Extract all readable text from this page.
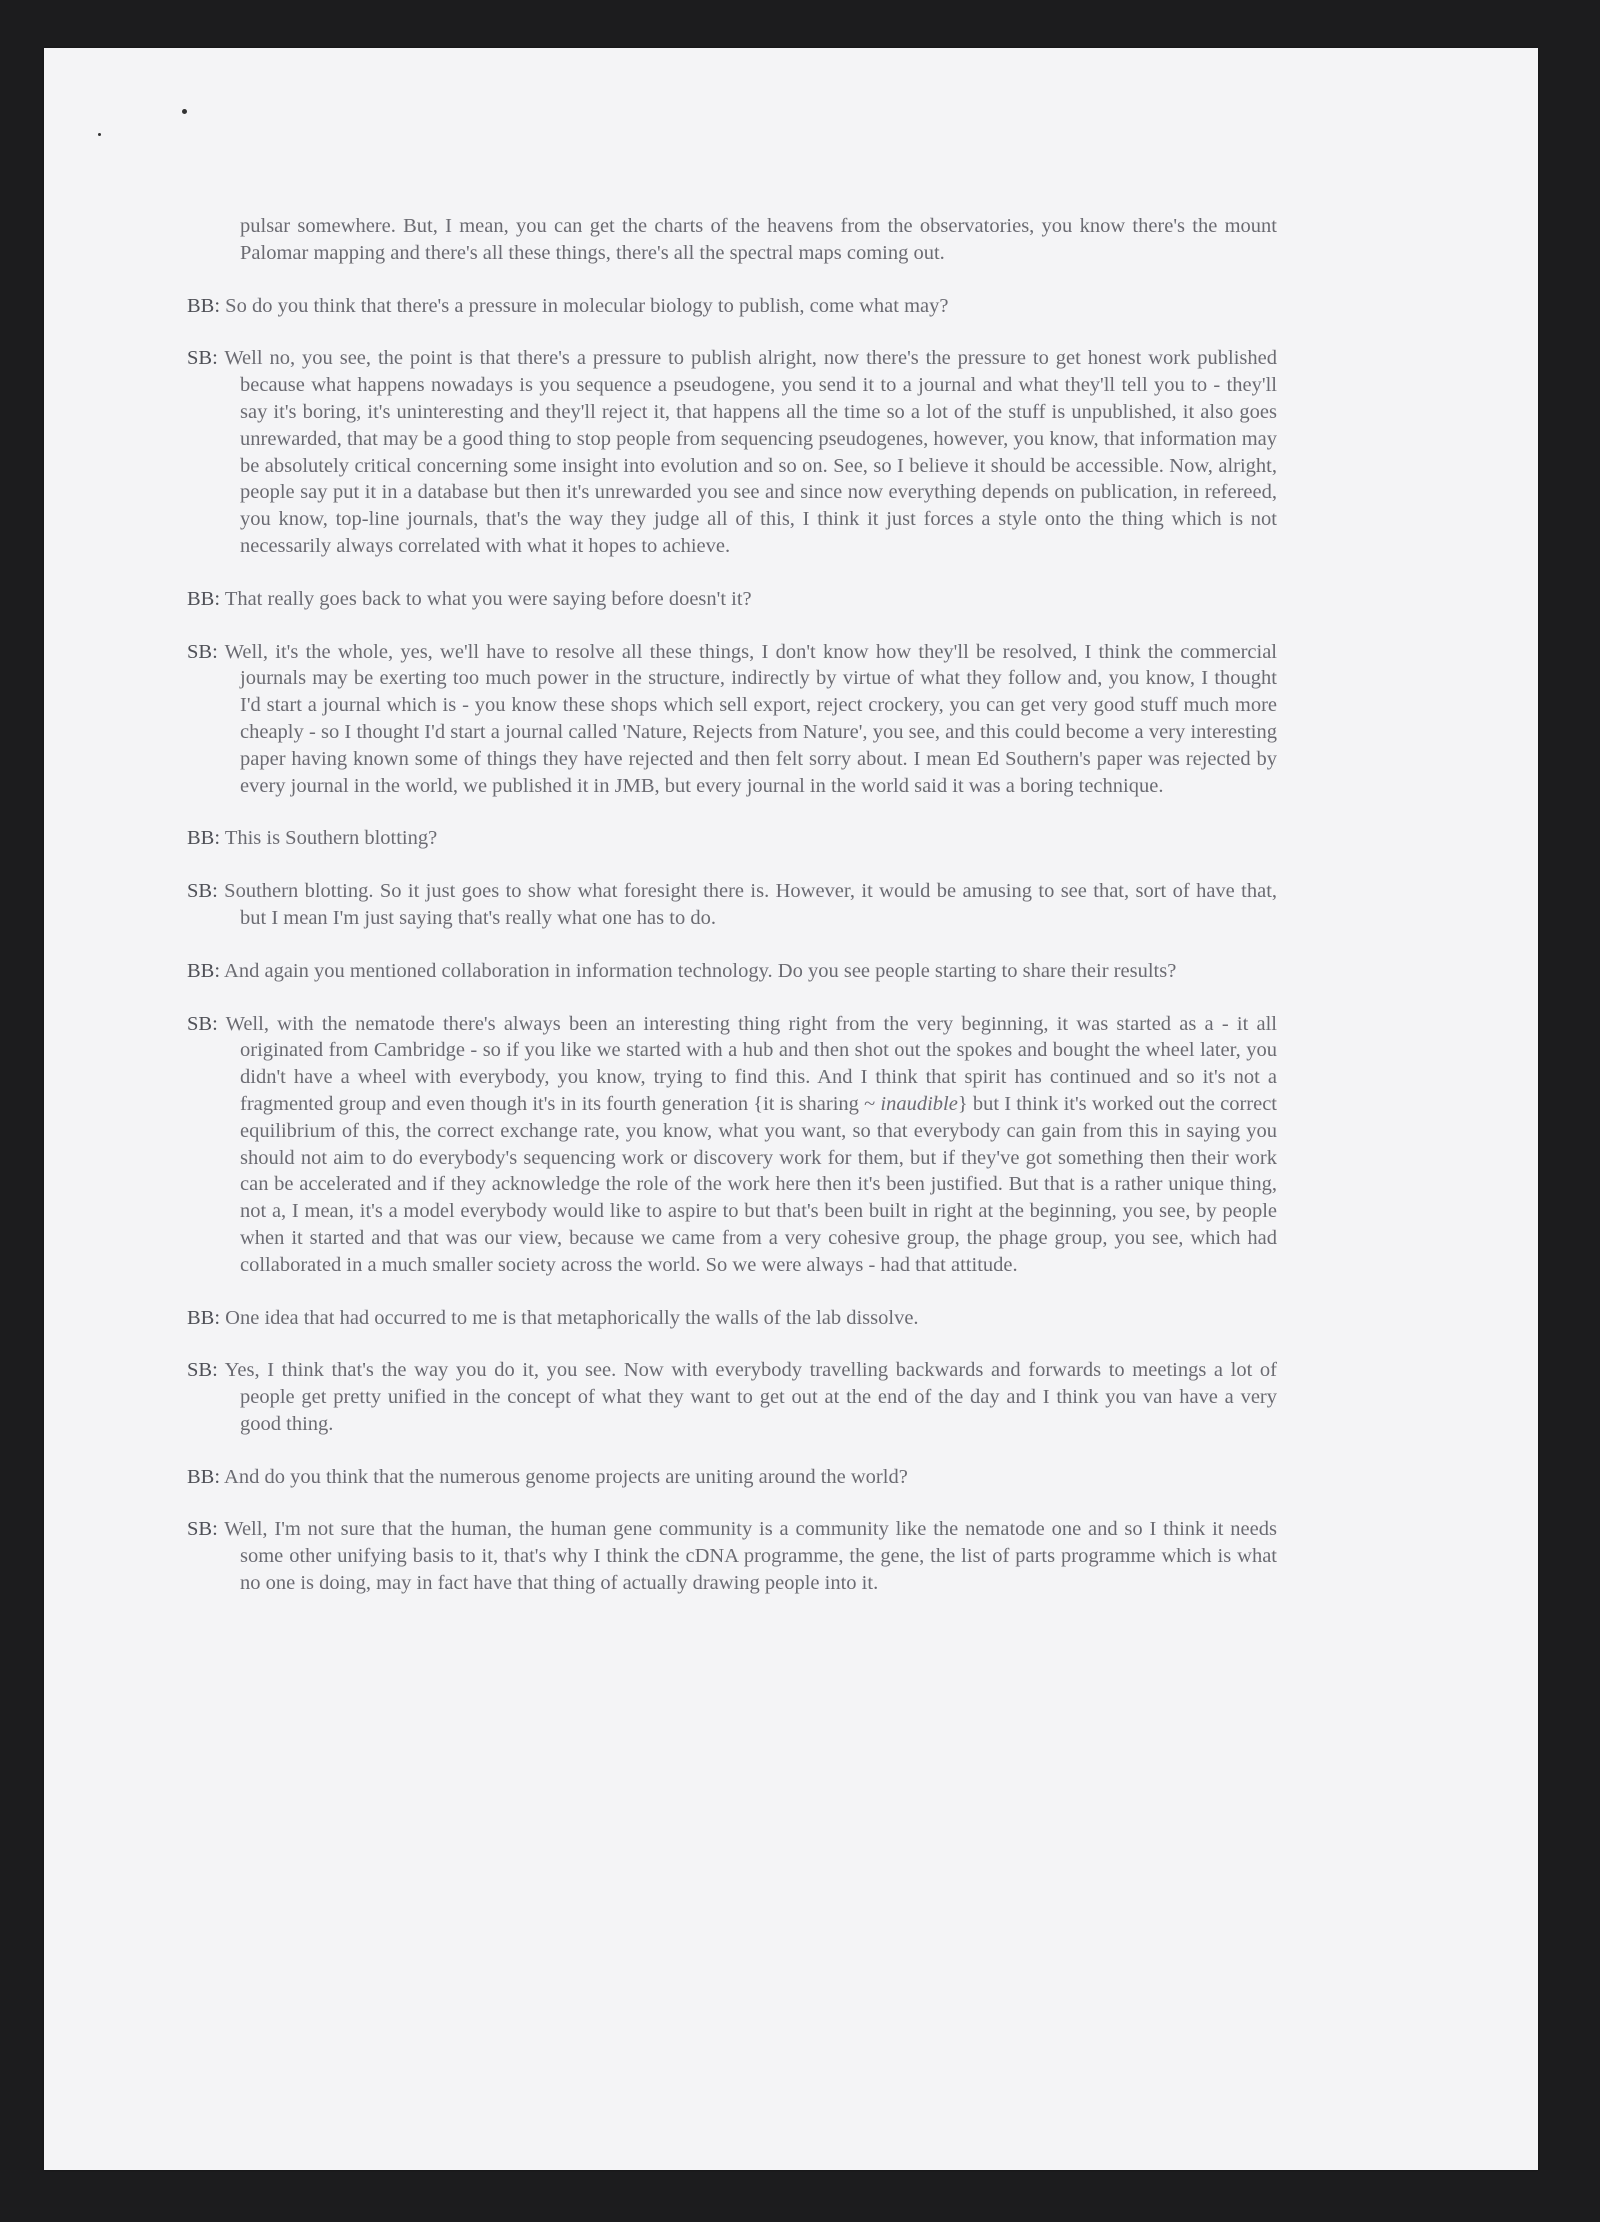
pulsar somewhere. But, I mean, you can get the charts of the heavens from the observatories, you know there's the mount Palomar mapping and there's all these things, there's all the spectral maps coming out.

BB: So do you think that there's a pressure in molecular biology to publish, come what may?

SB: Well no, you see, the point is that there's a pressure to publish alright, now there's the pressure to get honest work published because what happens nowadays is you sequence a pseudogene, you send it to a journal and what they'll tell you to - they'll say it's boring, it's uninteresting and they'll reject it, that happens all the time so a lot of the stuff is unpublished, it also goes unrewarded, that may be a good thing to stop people from sequencing pseudogenes, however, you know, that information may be absolutely critical concerning some insight into evolution and so on. See, so I believe it should be accessible. Now, alright, people say put it in a database but then it's unrewarded you see and since now everything depends on publication, in refereed, you know, top-line journals, that's the way they judge all of this, I think it just forces a style onto the thing which is not necessarily always correlated with what it hopes to achieve.

BB: That really goes back to what you were saying before doesn't it?

SB: Well, it's the whole, yes, we'll have to resolve all these things, I don't know how they'll be resolved, I think the commercial journals may be exerting too much power in the structure, indirectly by virtue of what they follow and, you know, I thought I'd start a journal which is - you know these shops which sell export, reject crockery, you can get very good stuff much more cheaply - so I thought I'd start a journal called 'Nature, Rejects from Nature', you see, and this could become a very interesting paper having known some of things they have rejected and then felt sorry about. I mean Ed Southern's paper was rejected by every journal in the world, we published it in JMB, but every journal in the world said it was a boring technique.

BB: This is Southern blotting?

SB: Southern blotting. So it just goes to show what foresight there is. However, it would be amusing to see that, sort of have that, but I mean I'm just saying that's really what one has to do.

BB: And again you mentioned collaboration in information technology. Do you see people starting to share their results?

SB: Well, with the nematode there's always been an interesting thing right from the very beginning, it was started as a - it all originated from Cambridge - so if you like we started with a hub and then shot out the spokes and bought the wheel later, you didn't have a wheel with everybody, you know, trying to find this. And I think that spirit has continued and so it's not a fragmented group and even though it's in its fourth generation {it is sharing ~ inaudible} but I think it's worked out the correct equilibrium of this, the correct exchange rate, you know, what you want, so that everybody can gain from this in saying you should not aim to do everybody's sequencing work or discovery work for them, but if they've got something then their work can be accelerated and if they acknowledge the role of the work here then it's been justified. But that is a rather unique thing, not a, I mean, it's a model everybody would like to aspire to but that's been built in right at the beginning, you see, by people when it started and that was our view, because we came from a very cohesive group, the phage group, you see, which had collaborated in a much smaller society across the world. So we were always - had that attitude.

BB: One idea that had occurred to me is that metaphorically the walls of the lab dissolve.

SB: Yes, I think that's the way you do it, you see. Now with everybody travelling backwards and forwards to meetings a lot of people get pretty unified in the concept of what they want to get out at the end of the day and I think you van have a very good thing.

BB: And do you think that the numerous genome projects are uniting around the world?

SB: Well, I'm not sure that the human, the human gene community is a community like the nematode one and so I think it needs some other unifying basis to it, that's why I think the cDNA programme, the gene, the list of parts programme which is what no one is doing, may in fact have that thing of actually drawing people into it.
